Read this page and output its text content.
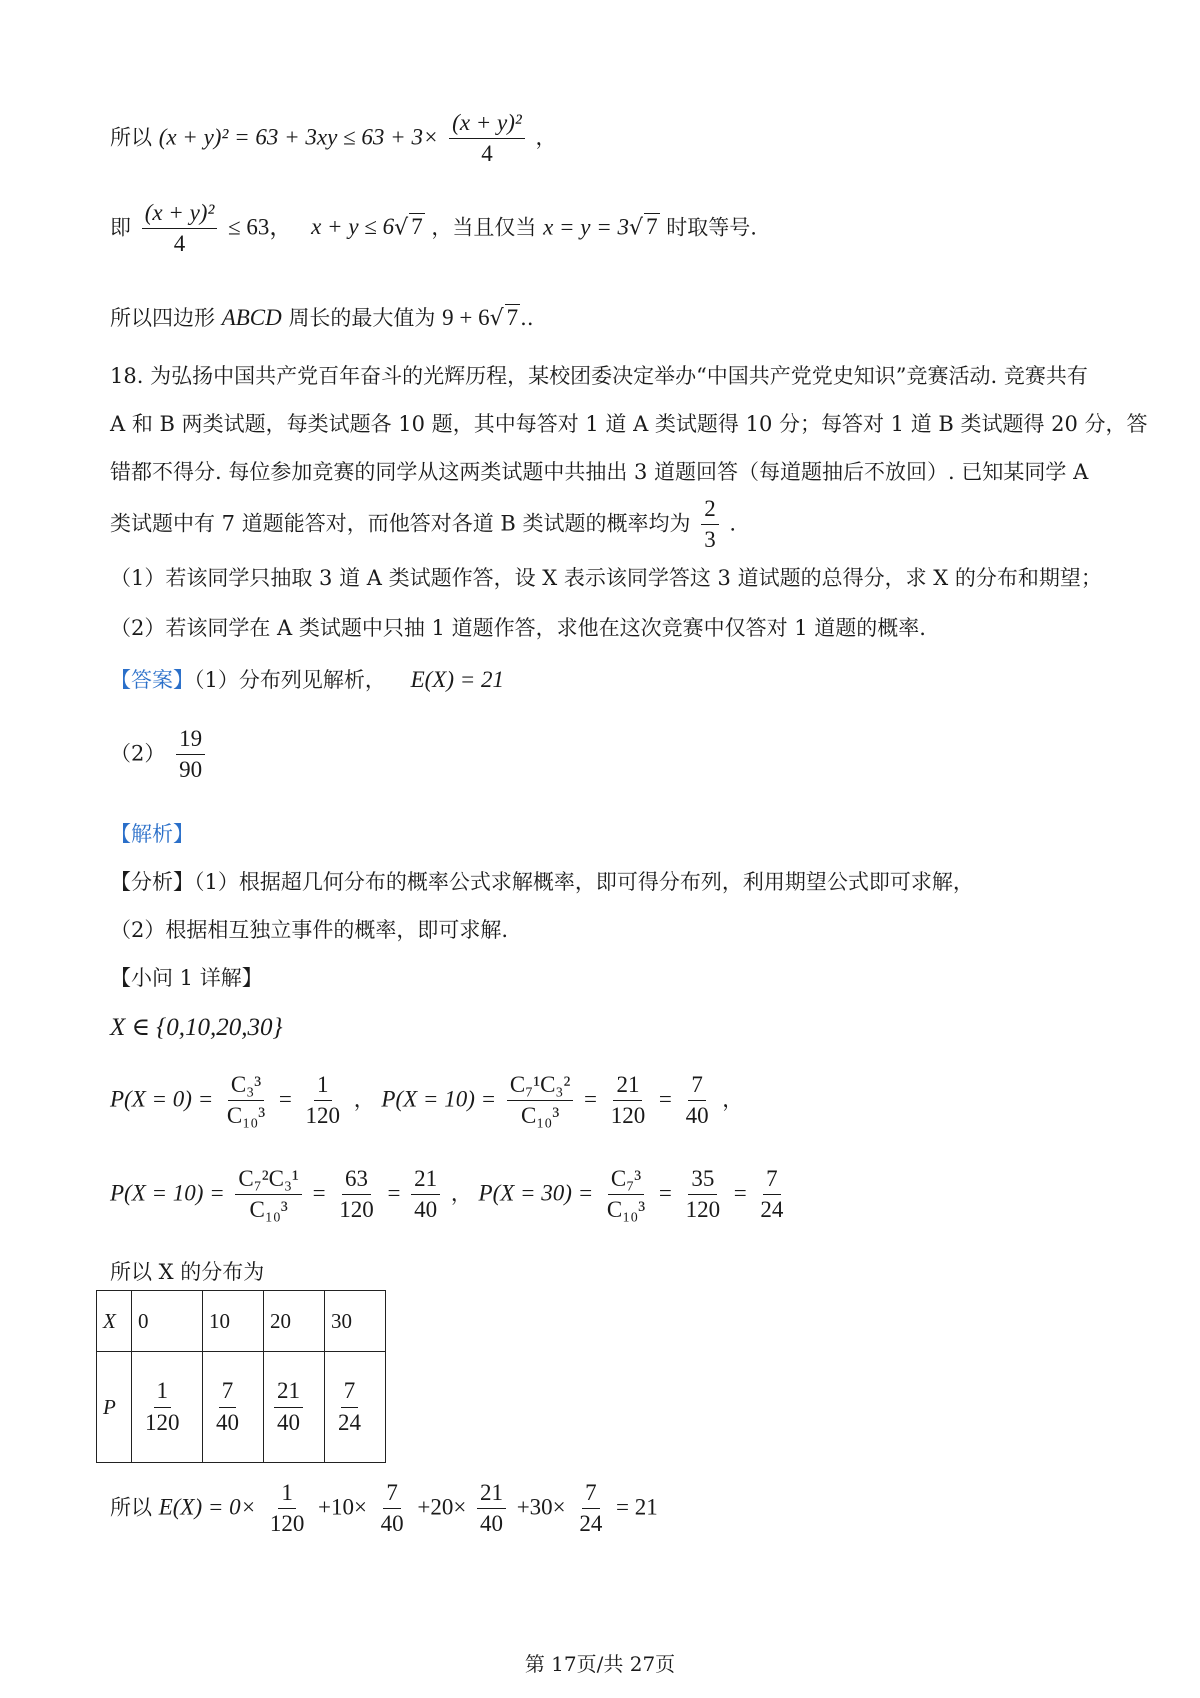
所以 $(x + y)^2 = 63 + 3xy \le 63 + 3\times \frac{\text{(x + y)²}}{4}$ ，
即 $\frac{\text{(x + y)²}}{4} \le 63$， x + y ≤ 6√ 7 ，当且仅当 x = y = 3√ 7 时取等号.
所以四边形 ABCD 周长的最大值为 9 + 6√ 7..
18. 为弘扬中国共产党百年奋斗的光辉历程，某校团委决定举办“中国共产党党史知识”竞赛活动. 竞赛共有
A 和 B 两类试题，每类试题各 10 题，其中每答对 1 道 A 类试题得 10 分；每答对 1 道 B 类试题得 20 分，答
错都不得分. 每位参加竞赛的同学从这两类试题中共抽出 3 道题回答（每道题抽后不放回）. 已知某同学 A
类试题中有 7 道题能答对，而他答对各道 B 类试题的概率均为 $\frac{2}{3}$ .
（1）若该同学只抽取 3 道 A 类试题作答，设 X 表示该同学答这 3 道试题的总得分，求 X 的分布和期望；
（2）若该同学在 A 类试题中只抽 1 道题作答，求他在这次竞赛中仅答对 1 道题的概率.
【答案】（1）分布列见解析， E(X) = 21
$(2) \frac{19}{90}$
【解析】
【分析】（1）根据超几何分布的概率公式求解概率，即可得分布列，利用期望公式即可求解，
（2）根据相互独立事件的概率，即可求解.
【小问 1 详解】
X ∈ {0,10,20,30}
$P(X = 0) = \frac{\text{C₃³}}{\text{C₁₀³}} = \frac{1}{120}$ ， $P(X = 10) = \frac{\text{C₇¹C₃²}}{\text{C₁₀³}} = \frac{21}{120} = \frac{7}{40}$ ，
$P(X = 10) = \frac{\text{C₇²C₃¹}}{\text{C₁₀³}} = \frac{63}{120} = \frac{21}{40}$ ， $P(X = 30) = \frac{\text{C₇³}}{\text{C₁₀³}} = \frac{35}{120} = \frac{7}{24}$
所以 X 的分布为
X	0	10	20	30
P	$\frac{1}{120}$	$\frac{7}{40}$	$\frac{21}{40}$	$\frac{7}{24}$
所以 $E(X) = 0\times \frac{1}{120} +10\times \frac{7}{40} +20\times \frac{21}{40} +30\times \frac{7}{24} = 21$
第 17页/共 27页
